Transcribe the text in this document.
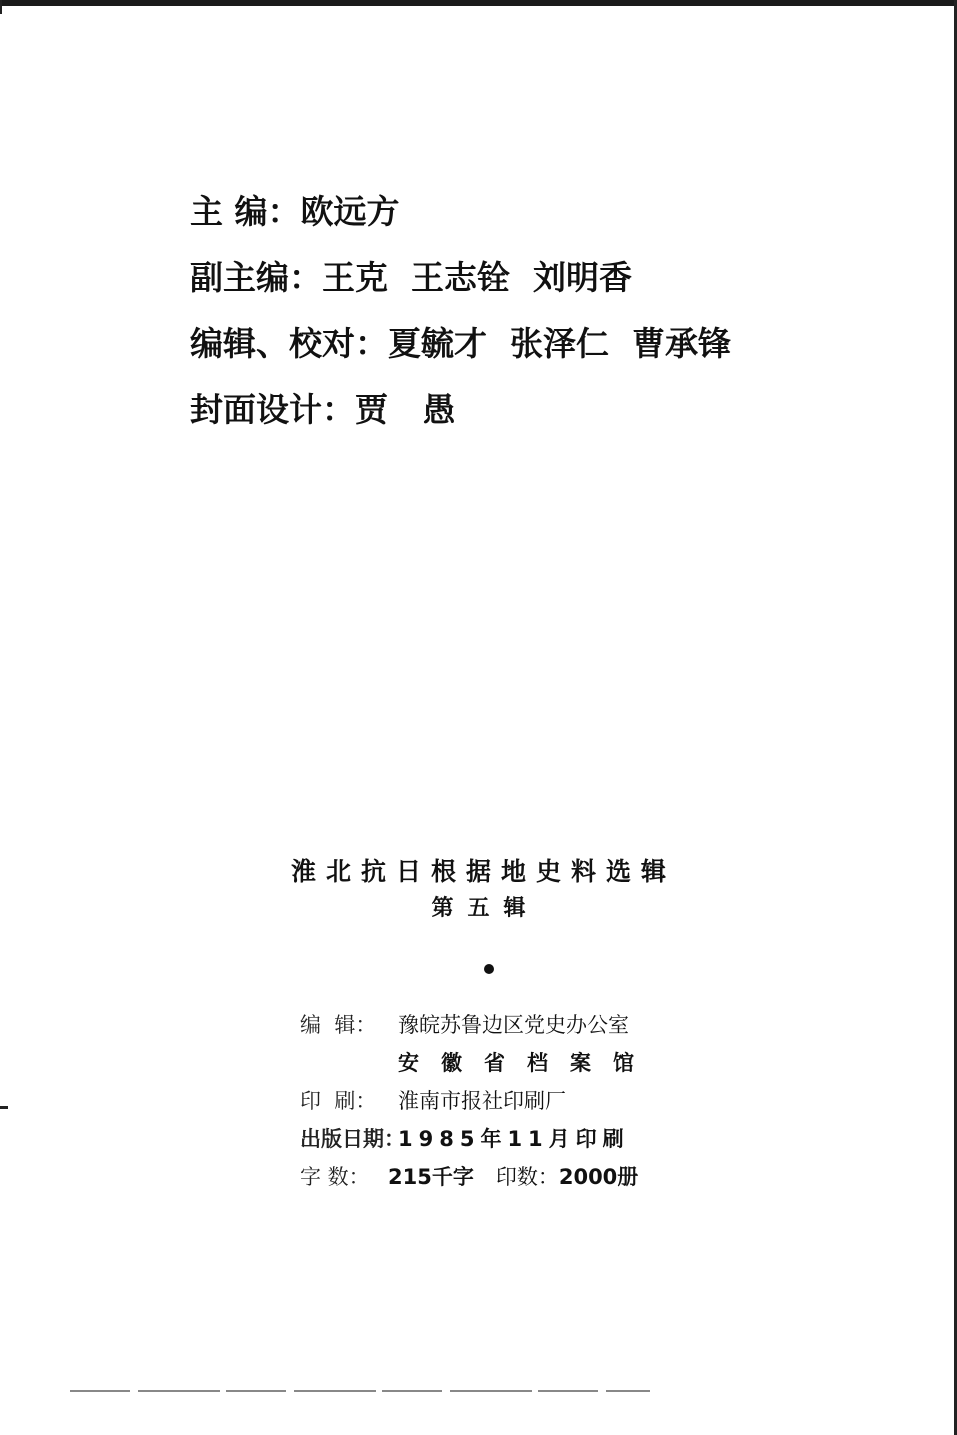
主 编：欧远方
副主编：王克  王志铨  刘明香
编辑、校对：夏毓才  张泽仁  曹承锋
封面设计：贾   愚
淮北抗日根据地史料选辑
第五辑
编  辑： 豫皖苏鲁边区党史办公室
安徽省档案馆
印  刷： 淮南市报社印刷厂
出版日期：1985年11月印刷
字 数： 215千字 印数：2000册
